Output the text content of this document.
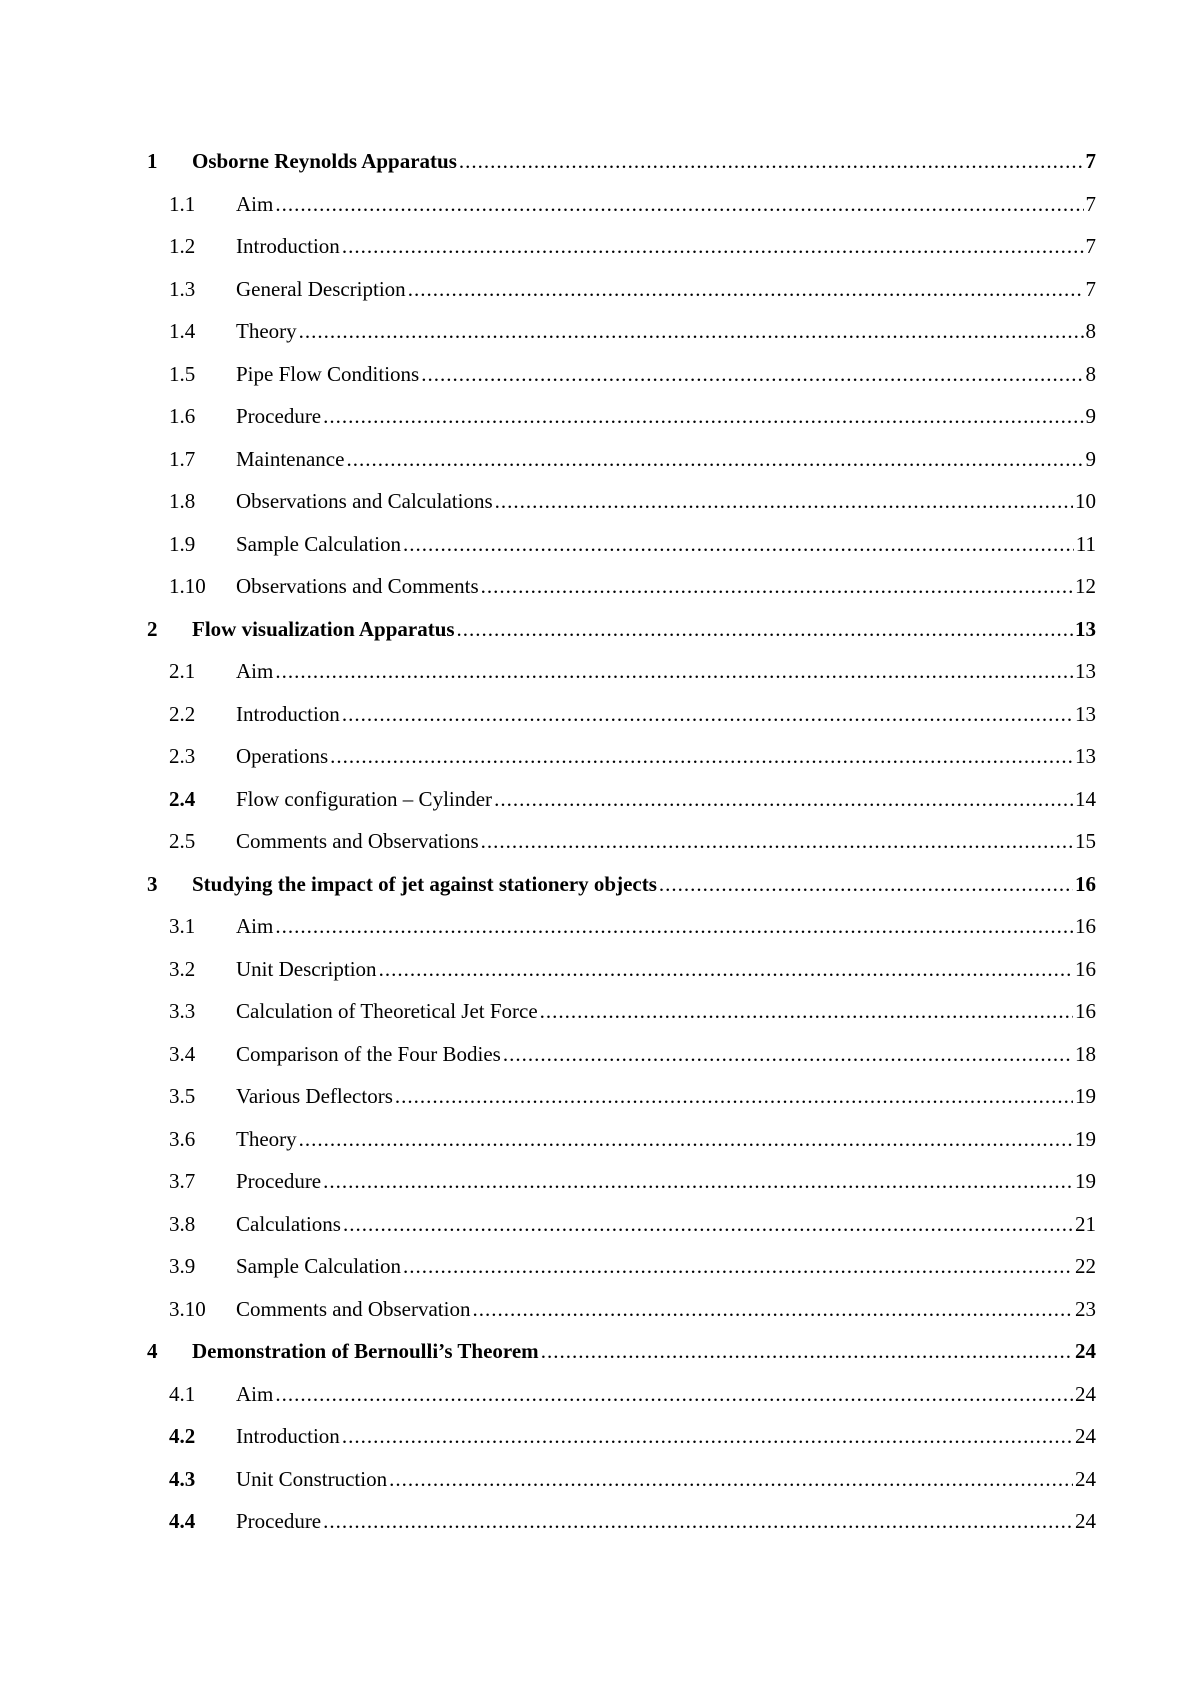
1	Osborne Reynolds Apparatus .....	7
1.1	Aim .....	7
1.2	Introduction .....	7
1.3	General Description .....	7
1.4	Theory .....	8
1.5	Pipe Flow Conditions .....	8
1.6	Procedure .....	9
1.7	Maintenance .....	9
1.8	Observations and Calculations .....	10
1.9	Sample Calculation .....	11
1.10	Observations and Comments .....	12
2	Flow visualization Apparatus .....	13
2.1	Aim .....	13
2.2	Introduction .....	13
2.3	Operations .....	13
2.4	Flow configuration – Cylinder .....	14
2.5	Comments and Observations .....	15
3	Studying the impact of jet against stationery objects .....	16
3.1	Aim .....	16
3.2	Unit Description .....	16
3.3	Calculation of Theoretical Jet Force .....	16
3.4	Comparison of the Four Bodies .....	18
3.5	Various Deflectors .....	19
3.6	Theory .....	19
3.7	Procedure .....	19
3.8	Calculations .....	21
3.9	Sample Calculation .....	22
3.10	Comments and Observation .....	23
4	Demonstration of Bernoulli’s Theorem .....	24
4.1	Aim .....	24
4.2	Introduction .....	24
4.3	Unit Construction .....	24
4.4	Procedure .....	24
